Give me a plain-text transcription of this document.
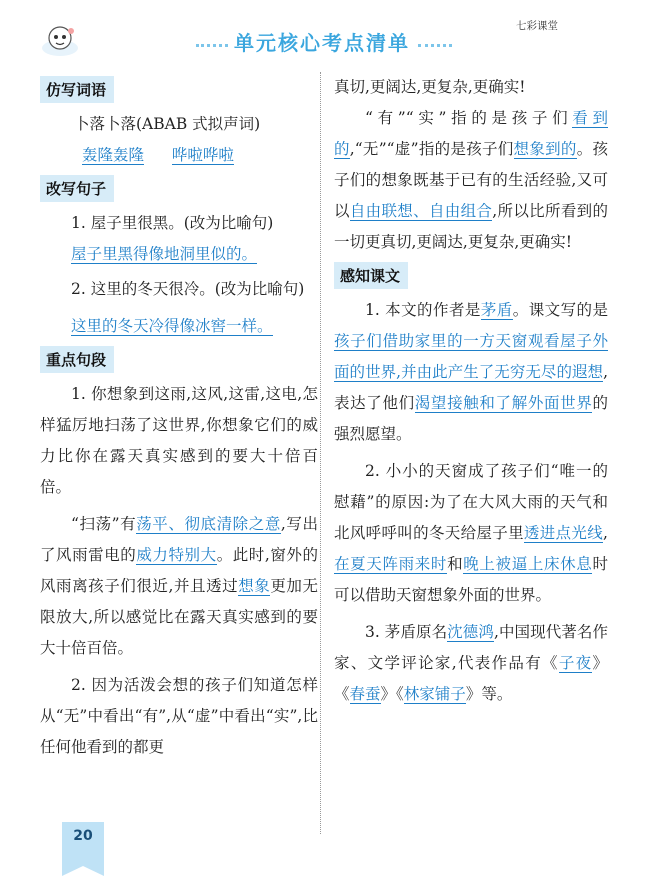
单元核心考点清单
七彩课堂
仿写词语
卜落卜落(ABAB 式拟声词)
轰隆轰隆 哗啦哗啦
改写句子

1. 屋子里很黑。(改为比喻句)

屋子里黑得像地洞里似的。

2. 这里的冬天很冷。(改为比喻句)

这里的冬天冷得像冰窖一样。

重点句段

1. 你想象到这雨,这风,这雷,这电,怎样猛厉地扫荡了这世界,你想象它们的威力比你在露天真实感到的要大十倍百倍。

“扫荡”有荡平、彻底清除之意,写出了风雨雷电的威力特别大。此时,窗外的风雨离孩子们很近,并且透过想象更加无限放大,所以感觉比在露天真实感到的要大十倍百倍。

2. 因为活泼会想的孩子们知道怎样从“无”中看出“有”,从“虚”中看出“实”,比任何他看到的都更

真切,更阔达,更复杂,更确实!

“有”“实”指的是孩子们看到的,“无”“虚”指的是孩子们想象到的。孩子们的想象既基于已有的生活经验,又可以自由联想、自由组合,所以比所看到的一切更真切,更阔达,更复杂,更确实!

感知课文

1. 本文的作者是茅盾。课文写的是孩子们借助家里的一方天窗观看屋子外面的世界,并由此产生了无穷无尽的遐想,表达了他们渴望接触和了解外面世界的强烈愿望。

2. 小小的天窗成了孩子们“唯一的慰藉”的原因:为了在大风大雨的天气和北风呼呼叫的冬天给屋子里透进点光线,在夏天阵雨来时和晚上被逼上床休息时可以借助天窗想象外面的世界。

3. 茅盾原名沈德鸿,中国现代著名作家、文学评论家,代表作品有《子夜》《春蚕》《林家铺子》等。

20
